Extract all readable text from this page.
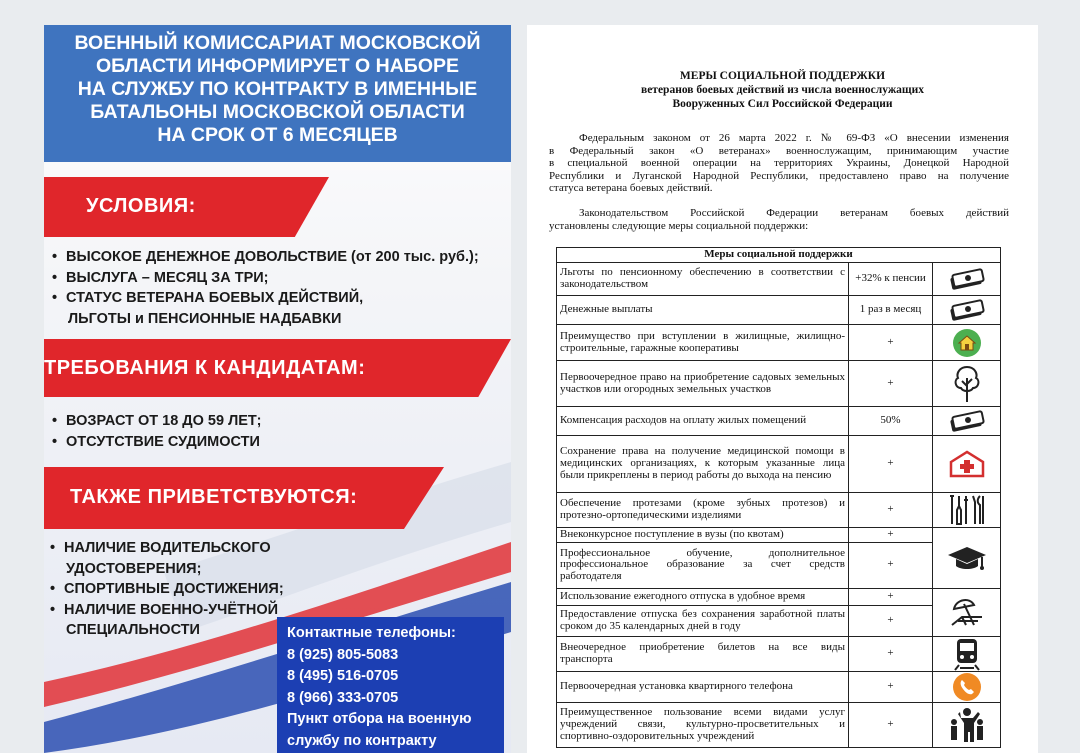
ВОЕННЫЙ КОМИССАРИАТ МОСКОВСКОЙ
ОБЛАСТИ ИНФОРМИРУЕТ О НАБОРЕ
НА СЛУЖБУ ПО КОНТРАКТУ В ИМЕННЫЕ
БАТАЛЬОНЫ МОСКОВСКОЙ ОБЛАСТИ
НА СРОК ОТ 6 МЕСЯЦЕВ
УСЛОВИЯ:
• ВЫСОКОЕ ДЕНЕЖНОЕ ДОВОЛЬСТВИЕ (от 200 тыс. руб.);
• ВЫСЛУГА – МЕСЯЦ ЗА ТРИ;
• СТАТУС ВЕТЕРАНА БОЕВЫХ ДЕЙСТВИЙ,
ЛЬГОТЫ и ПЕНСИОННЫЕ НАДБАВКИ
ТРЕБОВАНИЯ К КАНДИДАТАМ:
• ВОЗРАСТ ОТ 18 ДО 59 ЛЕТ;
• ОТСУТСТВИЕ СУДИМОСТИ
ТАКЖЕ ПРИВЕТСТВУЮТСЯ:
• НАЛИЧИЕ ВОДИТЕЛЬСКОГО
УДОСТОВЕРЕНИЯ;
• СПОРТИВНЫЕ ДОСТИЖЕНИЯ;
• НАЛИЧИЕ ВОЕННО-УЧЁТНОЙ
СПЕЦИАЛЬНОСТИ	Контактные телефоны:
8 (925) 805-5083
8 (495) 516-0705
8 (966) 333-0705
Пункт отбора на военную
службу по контракту
МЕРЫ СОЦИАЛЬНОЙ ПОДДЕРЖКИ
ветеранов боевых действий из числа военнослужащих
Вооруженных Сил Российской Федерации
Федеральным законом от 26 марта 2022 г. № 69-ФЗ «О внесении изменения
в Федеральный закон «О ветеранах» военнослужащим, принимающим участие
в специальной военной операции на территориях Украины, Донецкой Народной
Республики и Луганской Народной Республики, предоставлено право на получение
статуса ветерана боевых действий.
Законодательством Российской Федерации ветеранам боевых действий
установлены следующие меры социальной поддержки:
Меры социальной поддержки		
Льготы по пенсионному обеспечению в соответствии с законодательством	+32% к пенсии	

Денежные выплаты	1 раз в месяц	

Преимущество при вступлении в жилищные, жилищно-строительные, гаражные кооперативы	+	

Первоочередное право на приобретение садовых земельных участков или огородных земельных участков	+	

Компенсация расходов на оплату жилых помещений	50%	

Сохранение права на получение медицинской помощи в медицинских организациях, к которым указанные лица были прикреплены в период работы до выхода на пенсию	+	

Обеспечение протезами (кроме зубных протезов) и протезно-ортопедическими изделиями	+	

Внеконкурсное поступление в вузы (по квотам)	+	

Профессиональное обучение, дополнительное профессиональное образование за счет средств работодателя	+	
Использование ежегодного отпуска в удобное время	+	

Предоставление отпуска без сохранения заработной платы сроком до 35 календарных дней в году	+	
Внеочередное приобретение билетов на все виды транспорта	+	

Первоочередная установка квартирного телефона	+	

Преимущественное пользование всеми видами услуг учреждений связи, культурно-просветительных и спортивно-оздоровительных учреждений	+	
